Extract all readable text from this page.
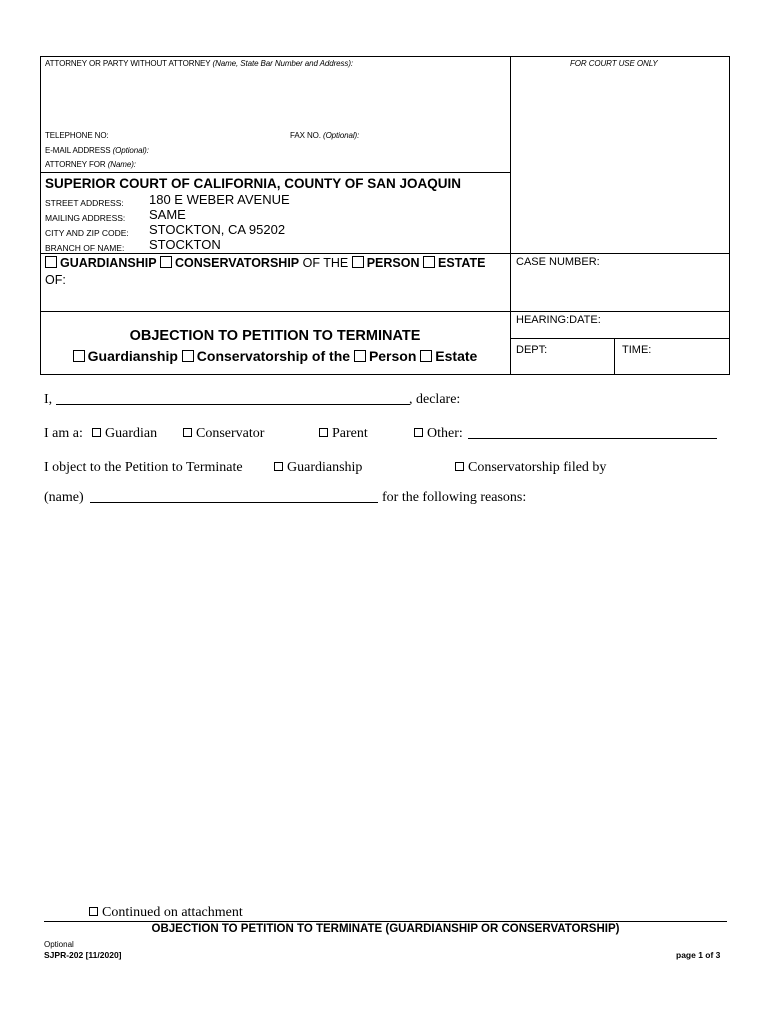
ATTORNEY OR PARTY WITHOUT ATTORNEY (Name, State Bar Number and Address):	FOR COURT USE ONLY
TELEPHONE NO:	FAX NO. (Optional):
E-MAIL ADDRESS (Optional):
ATTORNEY FOR (Name):
SUPERIOR COURT OF CALIFORNIA, COUNTY OF SAN JOAQUIN
STREET ADDRESS: 180 E WEBER AVENUE
MAILING ADDRESS: SAME
CITY AND ZIP CODE: STOCKTON, CA 95202
BRANCH OF NAME: STOCKTON
GUARDIANSHIP CONSERVATORSHIP OF THE PERSON ESTATE
OF:
CASE NUMBER:
HEARING:DATE:
DEPT:	TIME:
OBJECTION TO PETITION TO TERMINATE
Guardianship Conservatorship of the Person Estate
I,	, declare:
I am a:	Guardian	Conservator	Parent	Other:
I object to the Petition to Terminate	Guardianship	Conservatorship filed by
(name)	for the following reasons:
Continued on attachment
OBJECTION TO PETITION TO TERMINATE (GUARDIANSHIP OR CONSERVATORSHIP)
Optional
SJPR-202 [11/2020]	page 1 of 3
